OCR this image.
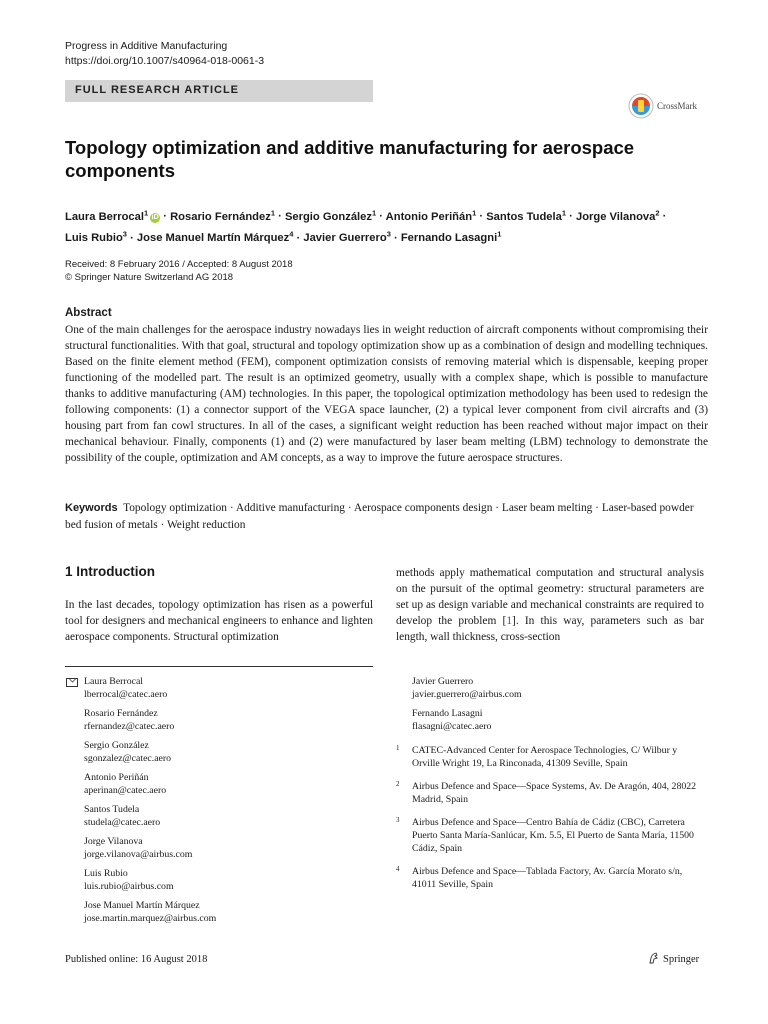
Progress in Additive Manufacturing
https://doi.org/10.1007/s40964-018-0061-3
FULL RESEARCH ARTICLE
CrossMark
Topology optimization and additive manufacturing for aerospace components
Laura Berrocal$^1$iD · Rosario Fernández$^1$ · Sergio González$^1$ · Antonio Periñán$^1$ · Santos Tudela$^1$ · Jorge Vilanova$^2$ ·
Luis Rubio$^3$ · Jose Manuel Martín Márquez$^4$ · Javier Guerrero$^3$ · Fernando Lasagni$^1$
Received: 8 February 2016 / Accepted: 8 August 2018
© Springer Nature Switzerland AG 2018
Abstract
One of the main challenges for the aerospace industry nowadays lies in weight reduction of aircraft components without compromising their structural functionalities. With that goal, structural and topology optimization show up as a combination of design and modelling techniques. Based on the finite element method (FEM), component optimization consists of removing material which is dispensable, keeping proper functioning of the modelled part. The result is an optimized geometry, usually with a complex shape, which is possible to manufacture thanks to additive manufacturing (AM) technologies. In this paper, the topological optimization methodology has been used to redesign the following components: (1) a connector support of the VEGA space launcher, (2) a typical lever component from civil aircrafts and (3) housing part from fan cowl structures. In all of the cases, a significant weight reduction has been reached without major impact on their mechanical behaviour. Finally, components (1) and (2) were manufactured by laser beam melting (LBM) technology to demonstrate the possibility of the couple, optimization and AM concepts, as a way to improve the future aerospace structures.
Keywords Topology optimization · Additive manufacturing · Aerospace components design · Laser beam melting · Laser-based powder bed fusion of metals · Weight reduction
1 Introduction
In the last decades, topology optimization has risen as a powerful tool for designers and mechanical engineers to enhance and lighten aerospace components. Structural optimization
methods apply mathematical computation and structural analysis on the pursuit of the optimal geometry: structural parameters are set up as design variable and mechanical constraints are required to develop the problem [1]. In this way, parameters such as bar length, wall thickness, cross-section
Laura Berrocal
lberrocal@catec.aero
Rosario Fernández
rfernandez@catec.aero
Sergio González
sgonzalez@catec.aero
Antonio Periñán
aperinan@catec.aero
Santos Tudela
studela@catec.aero
Jorge Vilanova
jorge.vilanova@airbus.com
Luis Rubio
luis.rubio@airbus.com
Jose Manuel Martín Márquez
jose.martin.marquez@airbus.com
Javier Guerrero
javier.guerrero@airbus.com
Fernando Lasagni
flasagni@catec.aero
1 CATEC-Advanced Center for Aerospace Technologies, C/ Wilbur y Orville Wright 19, La Rinconada, 41309 Seville, Spain
2 Airbus Defence and Space—Space Systems, Av. De Aragón, 404, 28022 Madrid, Spain
3 Airbus Defence and Space—Centro Bahía de Cádiz (CBC), Carretera Puerto Santa María-Sanlúcar, Km. 5.5, El Puerto de Santa María, 11500 Cádiz, Spain
4 Airbus Defence and Space—Tablada Factory, Av. García Morato s/n, 41011 Seville, Spain
Published online: 16 August 2018	Springer
